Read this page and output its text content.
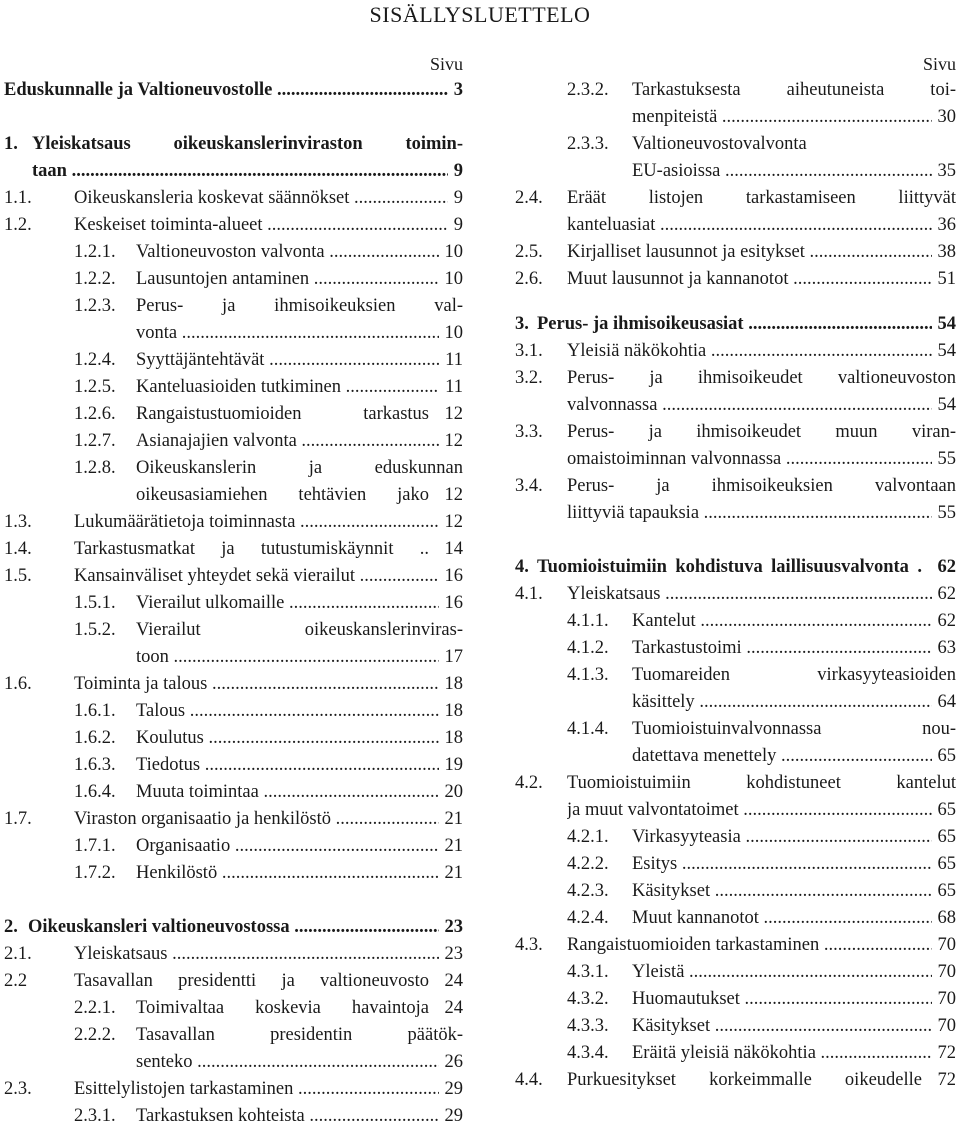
SISÄLLYSLUETTELO
Sivu
Eduskunnalle ja Valtioneuvostolle .....	3
1. Yleiskatsaus oikeuskanslerinviraston toimin-
taan .....	9
1.1. Oikeuskansleria koskevat säännökset .....	9
1.2. Keskeiset toiminta-alueet .....	9
1.2.1. Valtioneuvoston valvonta .....	10
1.2.2. Lausuntojen antaminen .....	10
1.2.3. Perus- ja ihmisoikeuksien val-
vonta .....	10
1.2.4. Syyttäjäntehtävät .....	11
1.2.5. Kanteluasioiden tutkiminen .....	11
1.2.6. Rangaistustuomioiden tarkastus 12
1.2.7. Asianajajien valvonta .....	12
1.2.8. Oikeuskanslerin ja eduskunnan
oikeusasiamiehen tehtävien jako 12
1.3. Lukumäärätietoja toiminnasta .....	12
1.4. Tarkastusmatkat ja tutustumiskäynnit .. 14
1.5. Kansainväliset yhteydet sekä vierailut .....	16
1.5.1. Vierailut ulkomaille .....	16
1.5.2. Vierailut oikeuskanslerinviras-
toon .....	17
1.6. Toiminta ja talous .....	18
1.6.1. Talous .....	18
1.6.2. Koulutus .....	18
1.6.3. Tiedotus .....	19
1.6.4. Muuta toimintaa .....	20
1.7. Viraston organisaatio ja henkilöstö .....	21
1.7.1. Organisaatio .....	21
1.7.2. Henkilöstö .....	21
2. Oikeuskansleri valtioneuvostossa .....	23
2.1. Yleiskatsaus .....	23
2.2	Tasavallan presidentti ja valtioneuvosto 24
2.2.1. Toimivaltaa koskevia havaintoja 24
2.2.2. Tasavallan presidentin päätök-
senteko .....	26
2.3. Esittelylistojen tarkastaminen .....	29
2.3.1. Tarkastuksen kohteista .....	29
Sivu
2.3.2. Tarkastuksesta aiheutuneista toi-
menpiteistä .....	30
2.3.3. Valtioneuvostovalvonta
EU-asioissa .....	35
2.4. Eräät listojen tarkastamiseen liittyvät
kanteluasiat .....	36
2.5. Kirjalliset lausunnot ja esitykset .....	38
2.6. Muut lausunnot ja kannanotot .....	51
3. Perus- ja ihmisoikeusasiat .....	54
3.1. Yleisiä näkökohtia .....	54
3.2. Perus- ja ihmisoikeudet valtioneuvoston
valvonnassa .....	54
3.3. Perus- ja ihmisoikeudet muun viran-
omaistoiminnan valvonnassa .....	55
3.4. Perus- ja ihmisoikeuksien valvontaan
liittyviä tapauksia .....	55
4. Tuomioistuimiin kohdistuva laillisuusvalvonta . 62
4.1. Yleiskatsaus .....	62
4.1.1. Kantelut .....	62
4.1.2. Tarkastustoimi .....	63
4.1.3. Tuomareiden virkasyyteasioiden
käsittely .....	64
4.1.4. Tuomioistuinvalvonnassa nou-
datettava menettely .....	65
4.2. Tuomioistuimiin kohdistuneet kantelut
ja muut valvontatoimet .....	65
4.2.1. Virkasyyteasia .....	65
4.2.2. Esitys .....	65
4.2.3. Käsitykset .....	65
4.2.4. Muut kannanotot .....	68
4.3. Rangaistuomioiden tarkastaminen .....	70
4.3.1. Yleistä .....	70
4.3.2. Huomautukset .....	70
4.3.3. Käsitykset .....	70
4.3.4. Eräitä yleisiä näkökohtia .....	72
4.4. Purkuesitykset korkeimmalle oikeudelle 72
